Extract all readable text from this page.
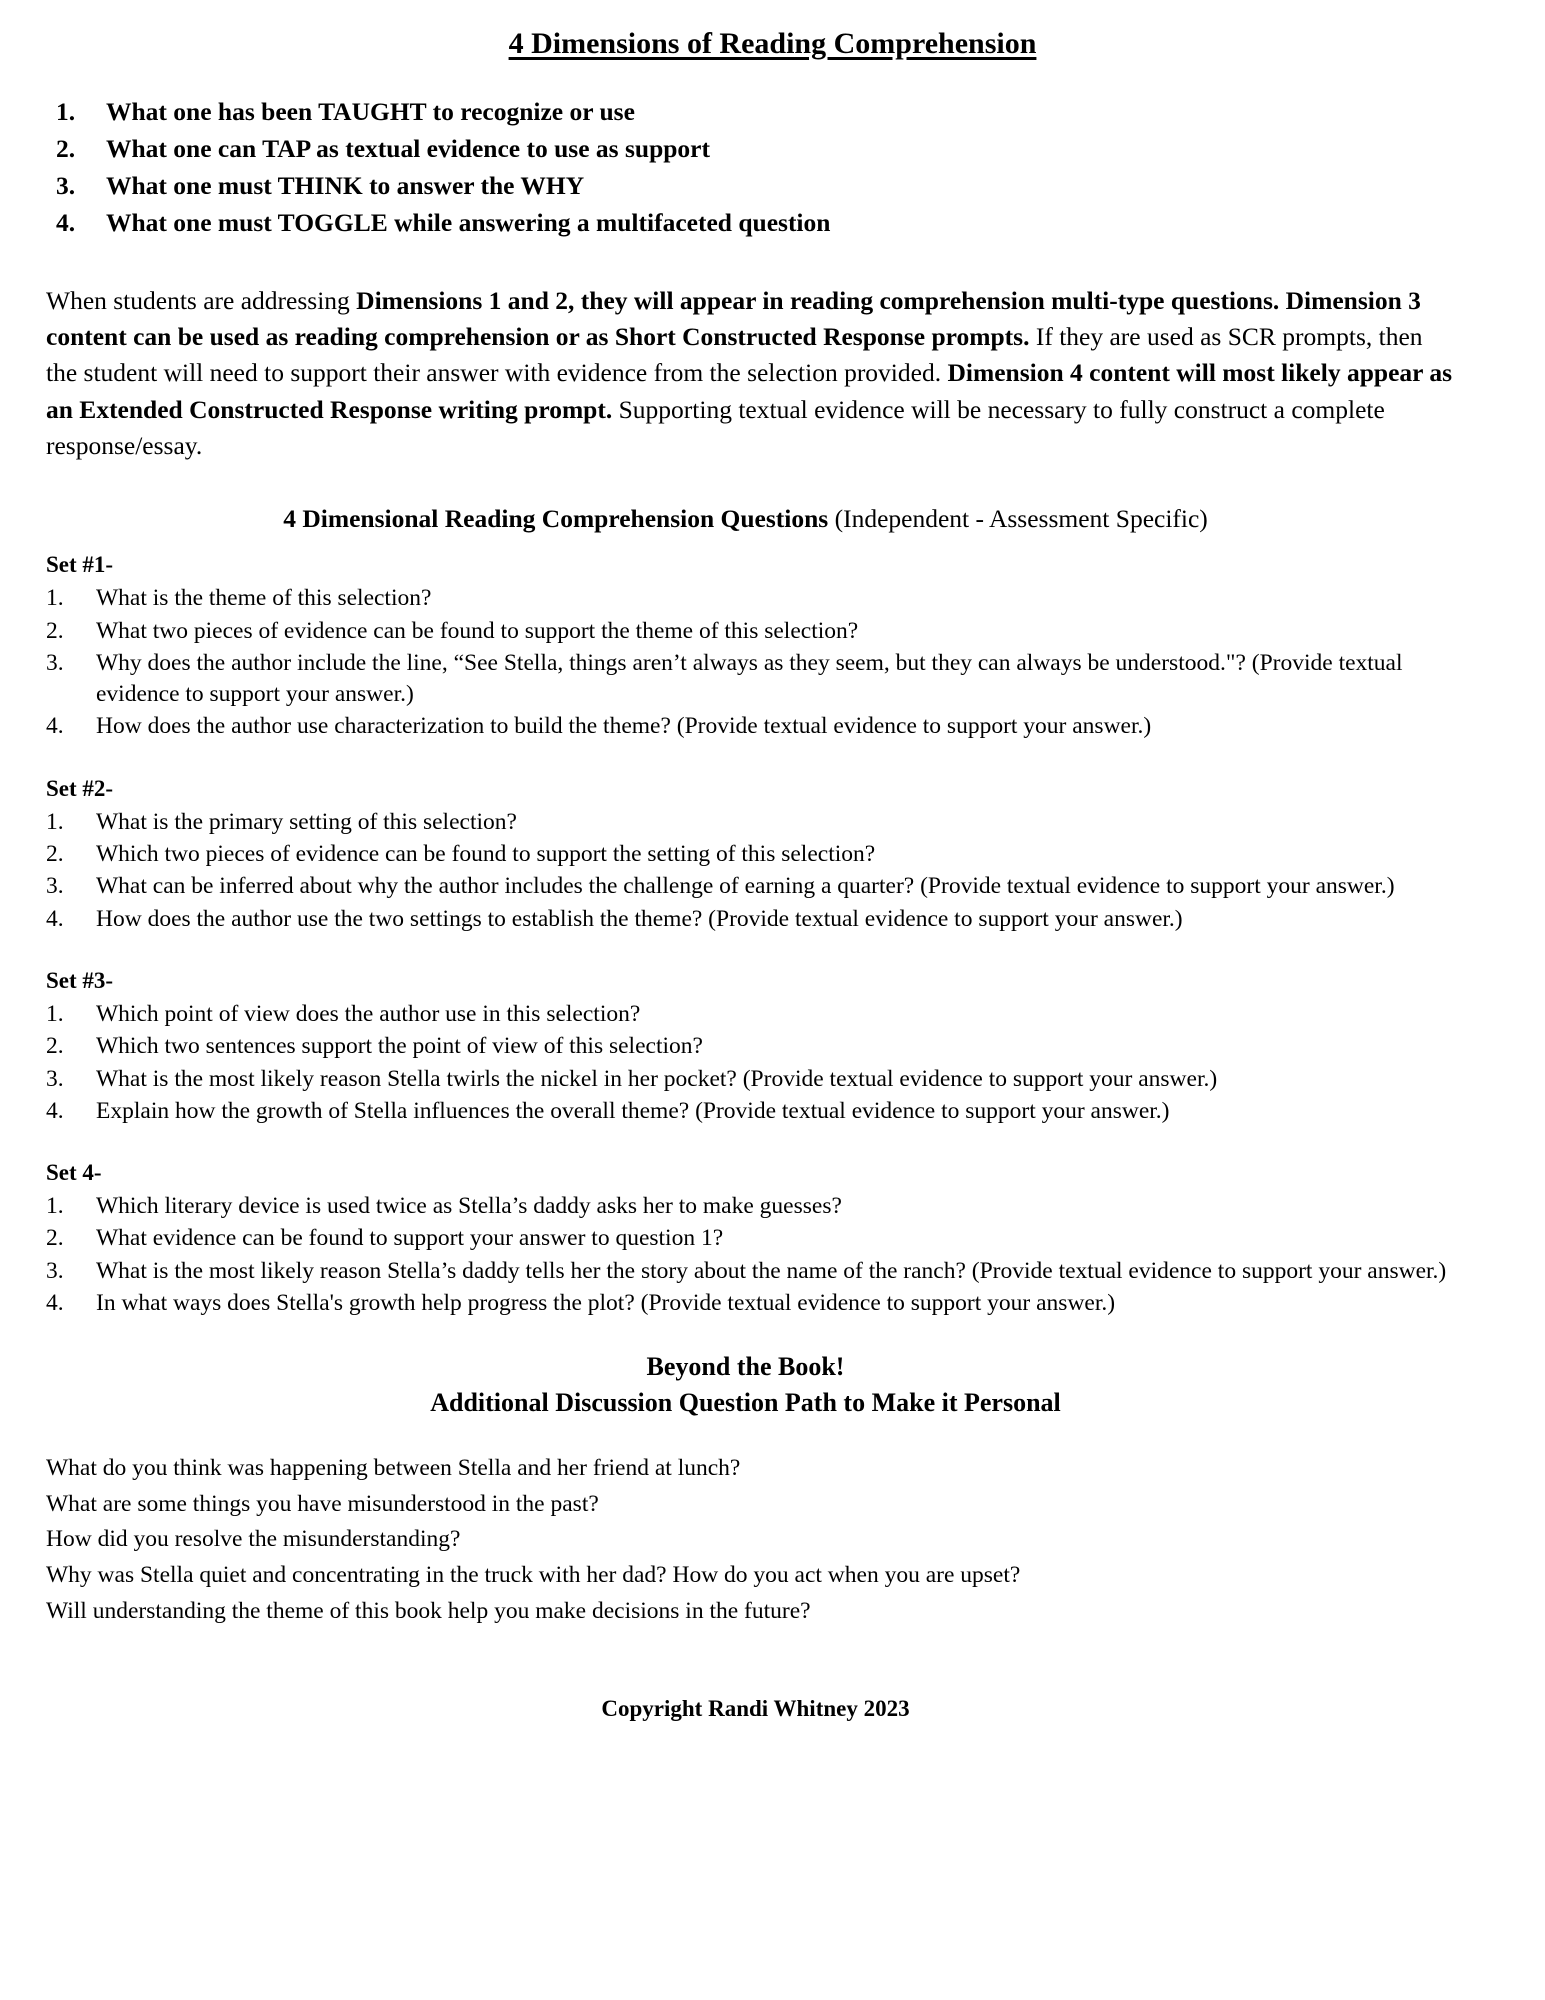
4 Dimensions of Reading Comprehension
1.	What one has been TAUGHT to recognize or use
2.	What one can TAP as textual evidence to use as support
3.	What one must THINK to answer the WHY
4.	What one must TOGGLE while answering a multifaceted question

When students are addressing Dimensions 1 and 2, they will appear in reading comprehension multi-type questions. Dimension 3 content can be used as reading comprehension or as Short Constructed Response prompts. If they are used as SCR prompts, then the student will need to support their answer with evidence from the selection provided. Dimension 4 content will most likely appear as an Extended Constructed Response writing prompt. Supporting textual evidence will be necessary to fully construct a complete response/essay.

4 Dimensional Reading Comprehension Questions (Independent - Assessment Specific)
Set #1-
1.	What is the theme of this selection?
2.	What two pieces of evidence can be found to support the theme of this selection?
3.	Why does the author include the line, “See Stella, things aren’t always as they seem, but they can always be understood."? (Provide textual evidence to support your answer.)
4.	How does the author use characterization to build the theme? (Provide textual evidence to support your answer.)
Set #2-
1.	What is the primary setting of this selection?
2.	Which two pieces of evidence can be found to support the setting of this selection?
3.	What can be inferred about why the author includes the challenge of earning a quarter? (Provide textual evidence to support your answer.)
4.	How does the author use the two settings to establish the theme? (Provide textual evidence to support your answer.)
Set #3-
1.	Which point of view does the author use in this selection?
2.	Which two sentences support the point of view of this selection?
3.	What is the most likely reason Stella twirls the nickel in her pocket? (Provide textual evidence to support your answer.)
4.	Explain how the growth of Stella influences the overall theme? (Provide textual evidence to support your answer.)
Set 4-
1.	Which literary device is used twice as Stella’s daddy asks her to make guesses?
2.	What evidence can be found to support your answer to question 1?
3.	What is the most likely reason Stella’s daddy tells her the story about the name of the ranch? (Provide textual evidence to support your answer.)
4.	In what ways does Stella's growth help progress the plot? (Provide textual evidence to support your answer.)
Beyond the Book!
Additional Discussion Question Path to Make it Personal
What do you think was happening between Stella and her friend at lunch?
What are some things you have misunderstood in the past?
How did you resolve the misunderstanding?
Why was Stella quiet and concentrating in the truck with her dad? How do you act when you are upset?
Will understanding the theme of this book help you make decisions in the future?
Copyright Randi Whitney 2023
